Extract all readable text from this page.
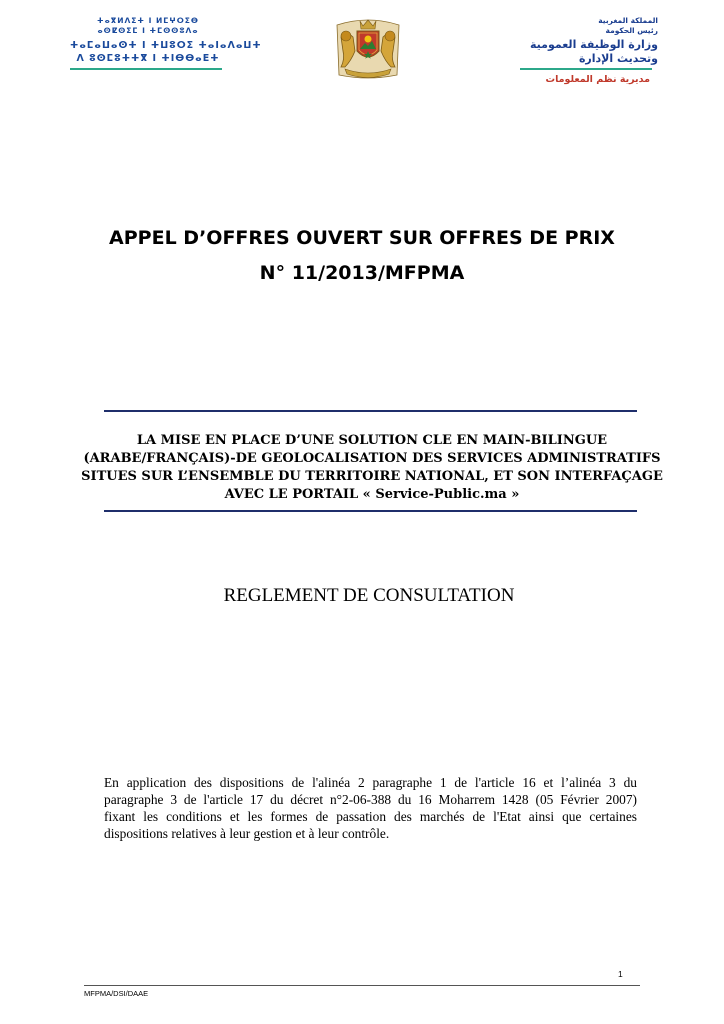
ⵜⴰⴳⵍⴷⵉⵜ ⵏ ⵍⵎⵖⵔⵉⴱ
ⴰⵙⵇⵙⵉⵎ ⵏ ⵜⵎⵙⵙⵓⴷⴰ
ⵜⴰⵎⴰⵡⴰⵙⵜ ⵏ ⵜⵡⵓⵔⵉ ⵜⴰⵏⴰⴷⴰⵡⵜ
ⴷ ⵓⵙⵎⵓⵜⵜⴳ ⵏ ⵜⵏⴱⴱⴰⴹⵜ
المملكة المغربية
رئيس الحكومة
وزارة الوظيفة العمومية
وتحديث الإدارة
مديرية نظم المعلومات
APPEL D’OFFRES OUVERT SUR OFFRES DE PRIX
N° 11/2013/MFPMA
LA MISE EN PLACE D’UNE SOLUTION CLE EN MAIN-BILINGUE
(ARABE/FRANÇAIS)-DE GEOLOCALISATION DES SERVICES ADMINISTRATIFS
SITUES SUR L’ENSEMBLE DU TERRITOIRE NATIONAL, ET SON INTERFAÇAGE
AVEC LE PORTAIL « Service-Public.ma »
REGLEMENT DE CONSULTATION
En application des dispositions de l'alinéa 2 paragraphe 1 de l'article 16 et l’alinéa 3 du
paragraphe 3 de l'article 17 du décret n°2-06-388 du 16 Moharrem 1428 (05 Février 2007)
fixant les conditions et les formes de passation des marchés de l'Etat ainsi que certaines
dispositions relatives à leur gestion et à leur contrôle.
1
MFPMA/DSI/DAAE
